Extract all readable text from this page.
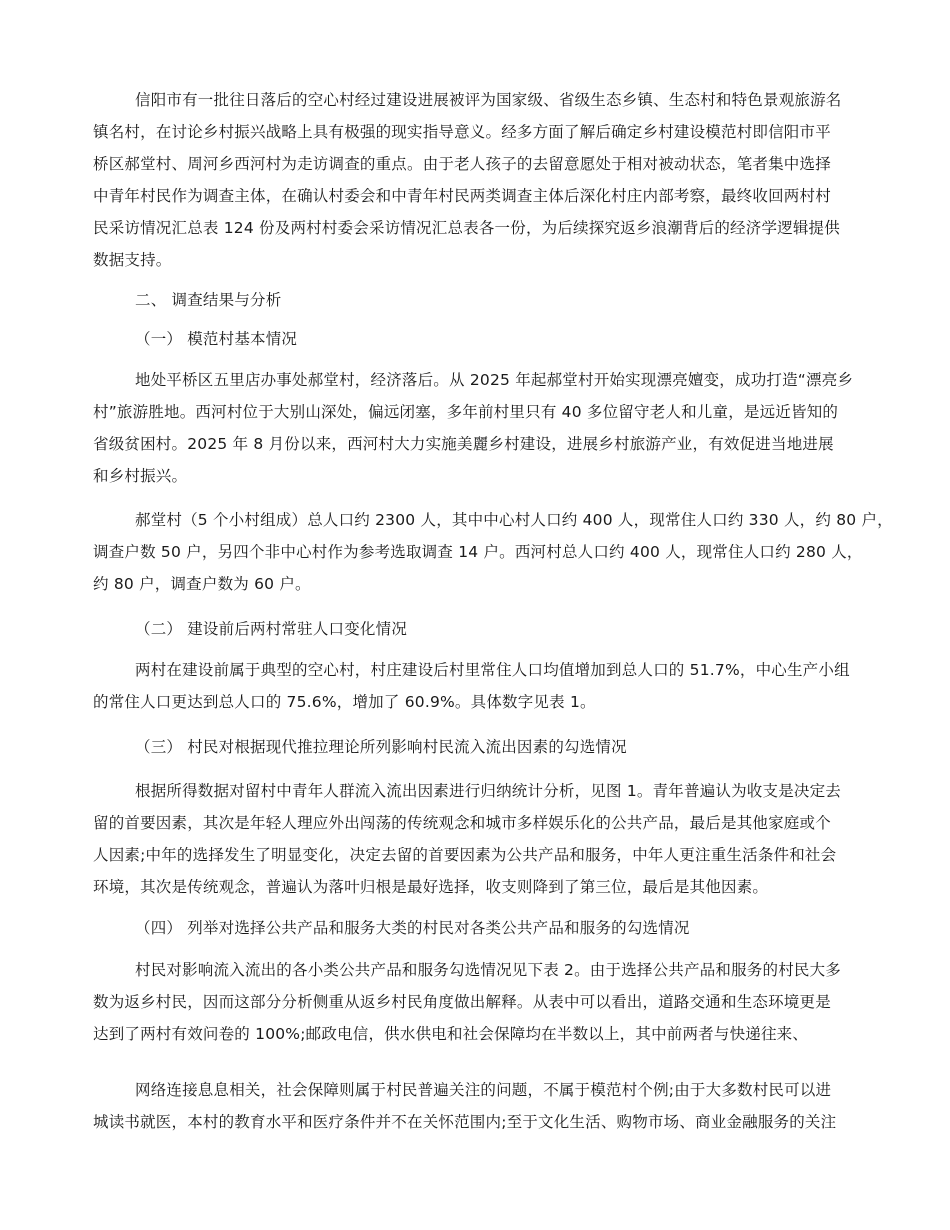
信阳市有一批往日落后的空心村经过建设进展被评为国家级、省级生态乡镇、生态村和特色景观旅游名
镇名村，在讨论乡村振兴战略上具有极强的现实指导意义。经多方面了解后确定乡村建设模范村即信阳市平
桥区郝堂村、周河乡西河村为走访调查的重点。由于老人孩子的去留意愿处于相对被动状态，笔者集中选择
中青年村民作为调查主体，在确认村委会和中青年村民两类调查主体后深化村庄内部考察，最终收回两村村
民采访情况汇总表 124 份及两村村委会采访情况汇总表各一份，为后续探究返乡浪潮背后的经济学逻辑提供
数据支持。
二、 调查结果与分析
（一） 模范村基本情况
地处平桥区五里店办事处郝堂村，经济落后。从 2025 年起郝堂村开始实现漂亮嬗变，成功打造“漂亮乡
村”旅游胜地。西河村位于大别山深处，偏远闭塞，多年前村里只有 40 多位留守老人和儿童，是远近皆知的
省级贫困村。2025 年 8 月份以来，西河村大力实施美麗乡村建设，进展乡村旅游产业，有效促进当地进展
和乡村振兴。
郝堂村（5 个小村组成）总人口约 2300 人，其中中心村人口约 400 人，现常住人口约 330 人，约 80 户，
调查户数 50 户，另四个非中心村作为参考选取调查 14 户。西河村总人口约 400 人，现常住人口约 280 人，
约 80 户，调查户数为 60 户。
（二） 建设前后两村常驻人口变化情况
两村在建设前属于典型的空心村，村庄建设后村里常住人口均值增加到总人口的 51.7%，中心生产小组
的常住人口更达到总人口的 75.6%，增加了 60.9%。具体数字见表 1。
（三） 村民对根据现代推拉理论所列影响村民流入流出因素的勾选情况
根据所得数据对留村中青年人群流入流出因素进行归纳统计分析，见图 1。青年普遍认为收支是决定去
留的首要因素，其次是年轻人理应外出闯荡的传统观念和城市多样娱乐化的公共产品，最后是其他家庭或个
人因素;中年的选择发生了明显变化，决定去留的首要因素为公共产品和服务，中年人更注重生活条件和社会
环境，其次是传统观念，普遍认为落叶归根是最好选择，收支则降到了第三位，最后是其他因素。
（四） 列举对选择公共产品和服务大类的村民对各类公共产品和服务的勾选情况
村民对影响流入流出的各小类公共产品和服务勾选情况见下表 2。由于选择公共产品和服务的村民大多
数为返乡村民，因而这部分分析侧重从返乡村民角度做出解释。从表中可以看出，道路交通和生态环境更是
达到了两村有效问卷的 100%;邮政电信，供水供电和社会保障均在半数以上，其中前两者与快递往来、
网络连接息息相关，社会保障则属于村民普遍关注的问题，不属于模范村个例;由于大多数村民可以进
城读书就医，本村的教育水平和医疗条件并不在关怀范围内;至于文化生活、购物市场、商业金融服务的关注
